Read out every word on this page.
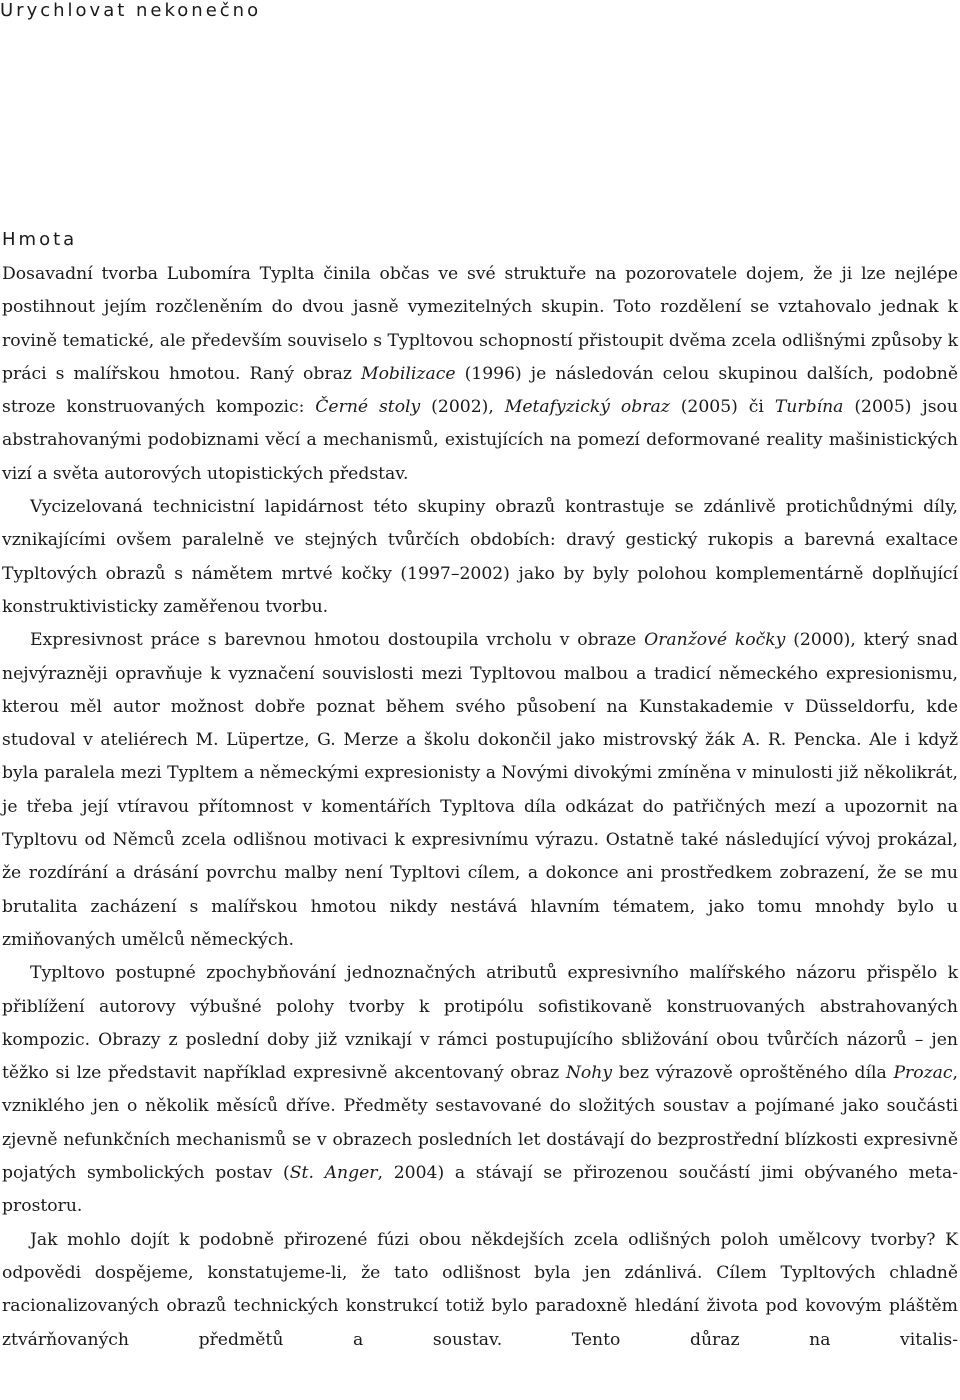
Urychlovat nekonečno
Hmota

Dosavadní tvorba Lubomíra Typlta činila občas ve své struktuře na pozorovatele dojem, že ji lze nejlépe postihnout jejím rozčleněním do dvou jasně vymezitelných skupin. Toto rozdělení se vztahovalo jednak k rovině tematické, ale především souviselo s Typltovou schopností přistoupit dvěma zcela odlišnými způsoby k práci s malířskou hmotou. Raný obraz Mobilizace (1996) je následován celou skupinou dalších, podobně stroze konstruovaných kompozic: Černé stoly (2002), Metafyzický obraz (2005) či Turbína (2005) jsou abstrahovanými podobiznami věcí a mechanismů, existujících na pomezí deformované reality mašinistických vizí a světa autorových utopistických představ.

Vycizelovaná technicistní lapidárnost této skupiny obrazů kontrastuje se zdánlivě protichůdnými díly, vznikajícími ovšem paralelně ve stejných tvůrčích obdobích: dravý gestický rukopis a barevná exaltace Typltových obrazů s námětem mrtvé kočky (1997–2002) jako by byly polohou komplementárně doplňující konstruktivisticky zaměřenou tvorbu.

Expresivnost práce s barevnou hmotou dostoupila vrcholu v obraze Oranžové kočky (2000), který snad nejvýrazněji opravňuje k vyznačení souvislosti mezi Typltovou malbou a tradicí německého expresionismu, kterou měl autor možnost dobře poznat během svého působení na Kunstakademie v Düsseldorfu, kde studoval v ateliérech M. Lüpertze, G. Merze a školu dokončil jako mistrovský žák A. R. Pencka. Ale i když byla paralela mezi Typltem a německými expresionisty a Novými divokými zmíněna v minulosti již několikrát, je třeba její vtíravou přítomnost v komentářích Typltova díla odkázat do patřičných mezí a upozornit na Typltovu od Němců zcela odlišnou motivaci k expresivnímu výrazu. Ostatně také následující vývoj prokázal, že rozdírání a drásání povrchu malby není Typltovi cílem, a dokonce ani prostředkem zobrazení, že se mu brutalita zacházení s malířskou hmotou nikdy nestává hlavním tématem, jako tomu mnohdy bylo u zmiňovaných umělců německých.

Typltovo postupné zpochybňování jednoznačných atributů expresivního malířského názoru přispělo k přiblížení autorovy výbušné polohy tvorby k protipólu sofistikovaně konstruovaných abstrahovaných kompozic. Obrazy z poslední doby již vznikají v rámci postupujícího sbližování obou tvůrčích názorů – jen těžko si lze představit například expresivně akcentovaný obraz Nohy bez výrazově oproštěného díla Prozac, vzniklého jen o několik měsíců dříve. Předměty sestavované do složitých soustav a pojímané jako součásti zjevně nefunkčních mechanismů se v obrazech posledních let dostávají do bezprostřední blízkosti expresivně pojatých symbolických postav (St. Anger, 2004) a stávají se přirozenou součástí jimi obývaného meta-prostoru.

Jak mohlo dojít k podobně přirozené fúzi obou někdejších zcela odlišných poloh umělcovy tvorby? K odpovědi dospějeme, konstatujeme-li, že tato odlišnost byla jen zdánlivá. Cílem Typltových chladně racionalizovaných obrazů technických konstrukcí totiž bylo paradoxně hledání života pod kovovým pláštěm ztvárňovaných předmětů a soustav. Tento důraz na vitalis-
